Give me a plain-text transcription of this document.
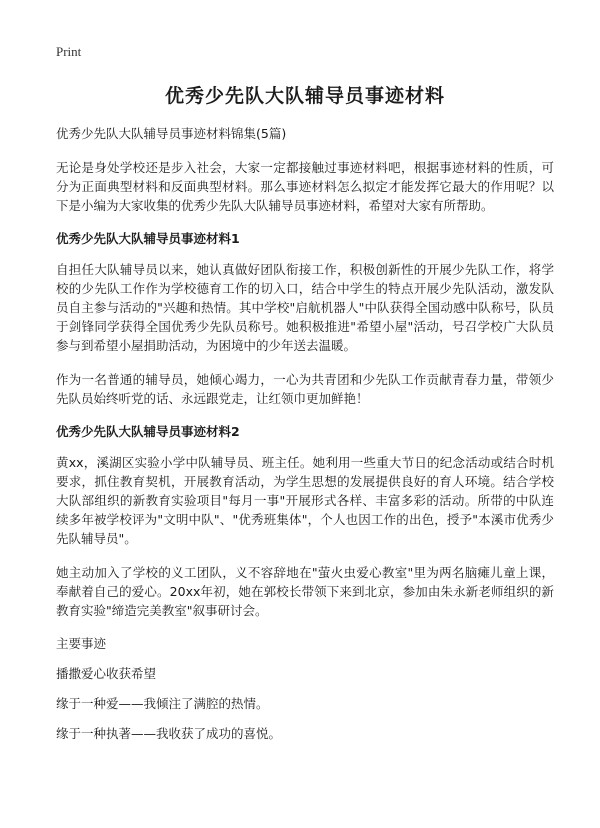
Print
优秀少先队大队辅导员事迹材料
优秀少先队大队辅导员事迹材料锦集(5篇)
无论是身处学校还是步入社会，大家一定都接触过事迹材料吧，根据事迹材料的性质，可分为正面典型材料和反面典型材料。那么事迹材料怎么拟定才能发挥它最大的作用呢？以下是小编为大家收集的优秀少先队大队辅导员事迹材料，希望对大家有所帮助。
优秀少先队大队辅导员事迹材料1
自担任大队辅导员以来，她认真做好团队衔接工作，积极创新性的开展少先队工作，将学校的少先队工作作为学校德育工作的切入口，结合中学生的特点开展少先队活动，激发队员自主参与活动的"兴趣和热情。其中学校"启航机器人"中队获得全国动感中队称号，队员于剑锋同学获得全国优秀少先队员称号。她积极推进"希望小屋"活动，号召学校广大队员参与到希望小屋捐助活动，为困境中的少年送去温暖。
作为一名普通的辅导员，她倾心竭力，一心为共青团和少先队工作贡献青春力量，带领少先队员始终听党的话、永远跟党走，让红领巾更加鲜艳！
优秀少先队大队辅导员事迹材料2
黄xx，溪湖区实验小学中队辅导员、班主任。她利用一些重大节日的纪念活动或结合时机要求，抓住教育契机，开展教育活动，为学生思想的发展提供良好的育人环境。结合学校大队部组织的新教育实验项目"每月一事"开展形式各样、丰富多彩的活动。所带的中队连续多年被学校评为"文明中队"、"优秀班集体"，个人也因工作的出色，授予"本溪市优秀少先队辅导员"。
她主动加入了学校的义工团队，义不容辞地在"萤火虫爱心教室"里为两名脑瘫儿童上课，奉献着自己的爱心。20xx年初，她在郭校长带领下来到北京，参加由朱永新老师组织的新教育实验"缔造完美教室"叙事研讨会。
主要事迹
播撒爱心收获希望
缘于一种爱——我倾注了满腔的热情。
缘于一种执著——我收获了成功的喜悦。
